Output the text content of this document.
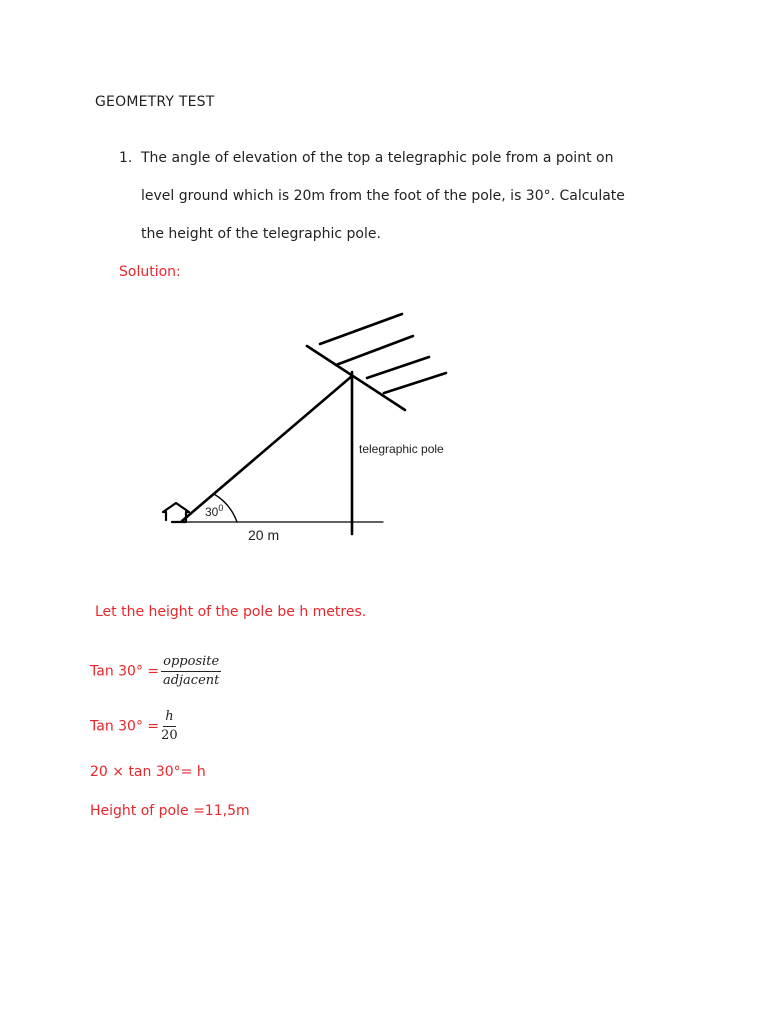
GEOMETRY TEST
1. The angle of elevation of the top a telegraphic pole from a point on
level ground which is 20m from the foot of the pole, is 30°. Calculate
the height of the telegraphic pole.
Solution:
$30^0$
telegraphic pole
20 m
Let the height of the pole be h metres.
Tan $30^\circ = \frac{\text{opposite}}{\text{adjacent}}$
Tan $30^\circ = \frac{h}{20}$
20 × tan 30°= h
Height of pole =11,5m
